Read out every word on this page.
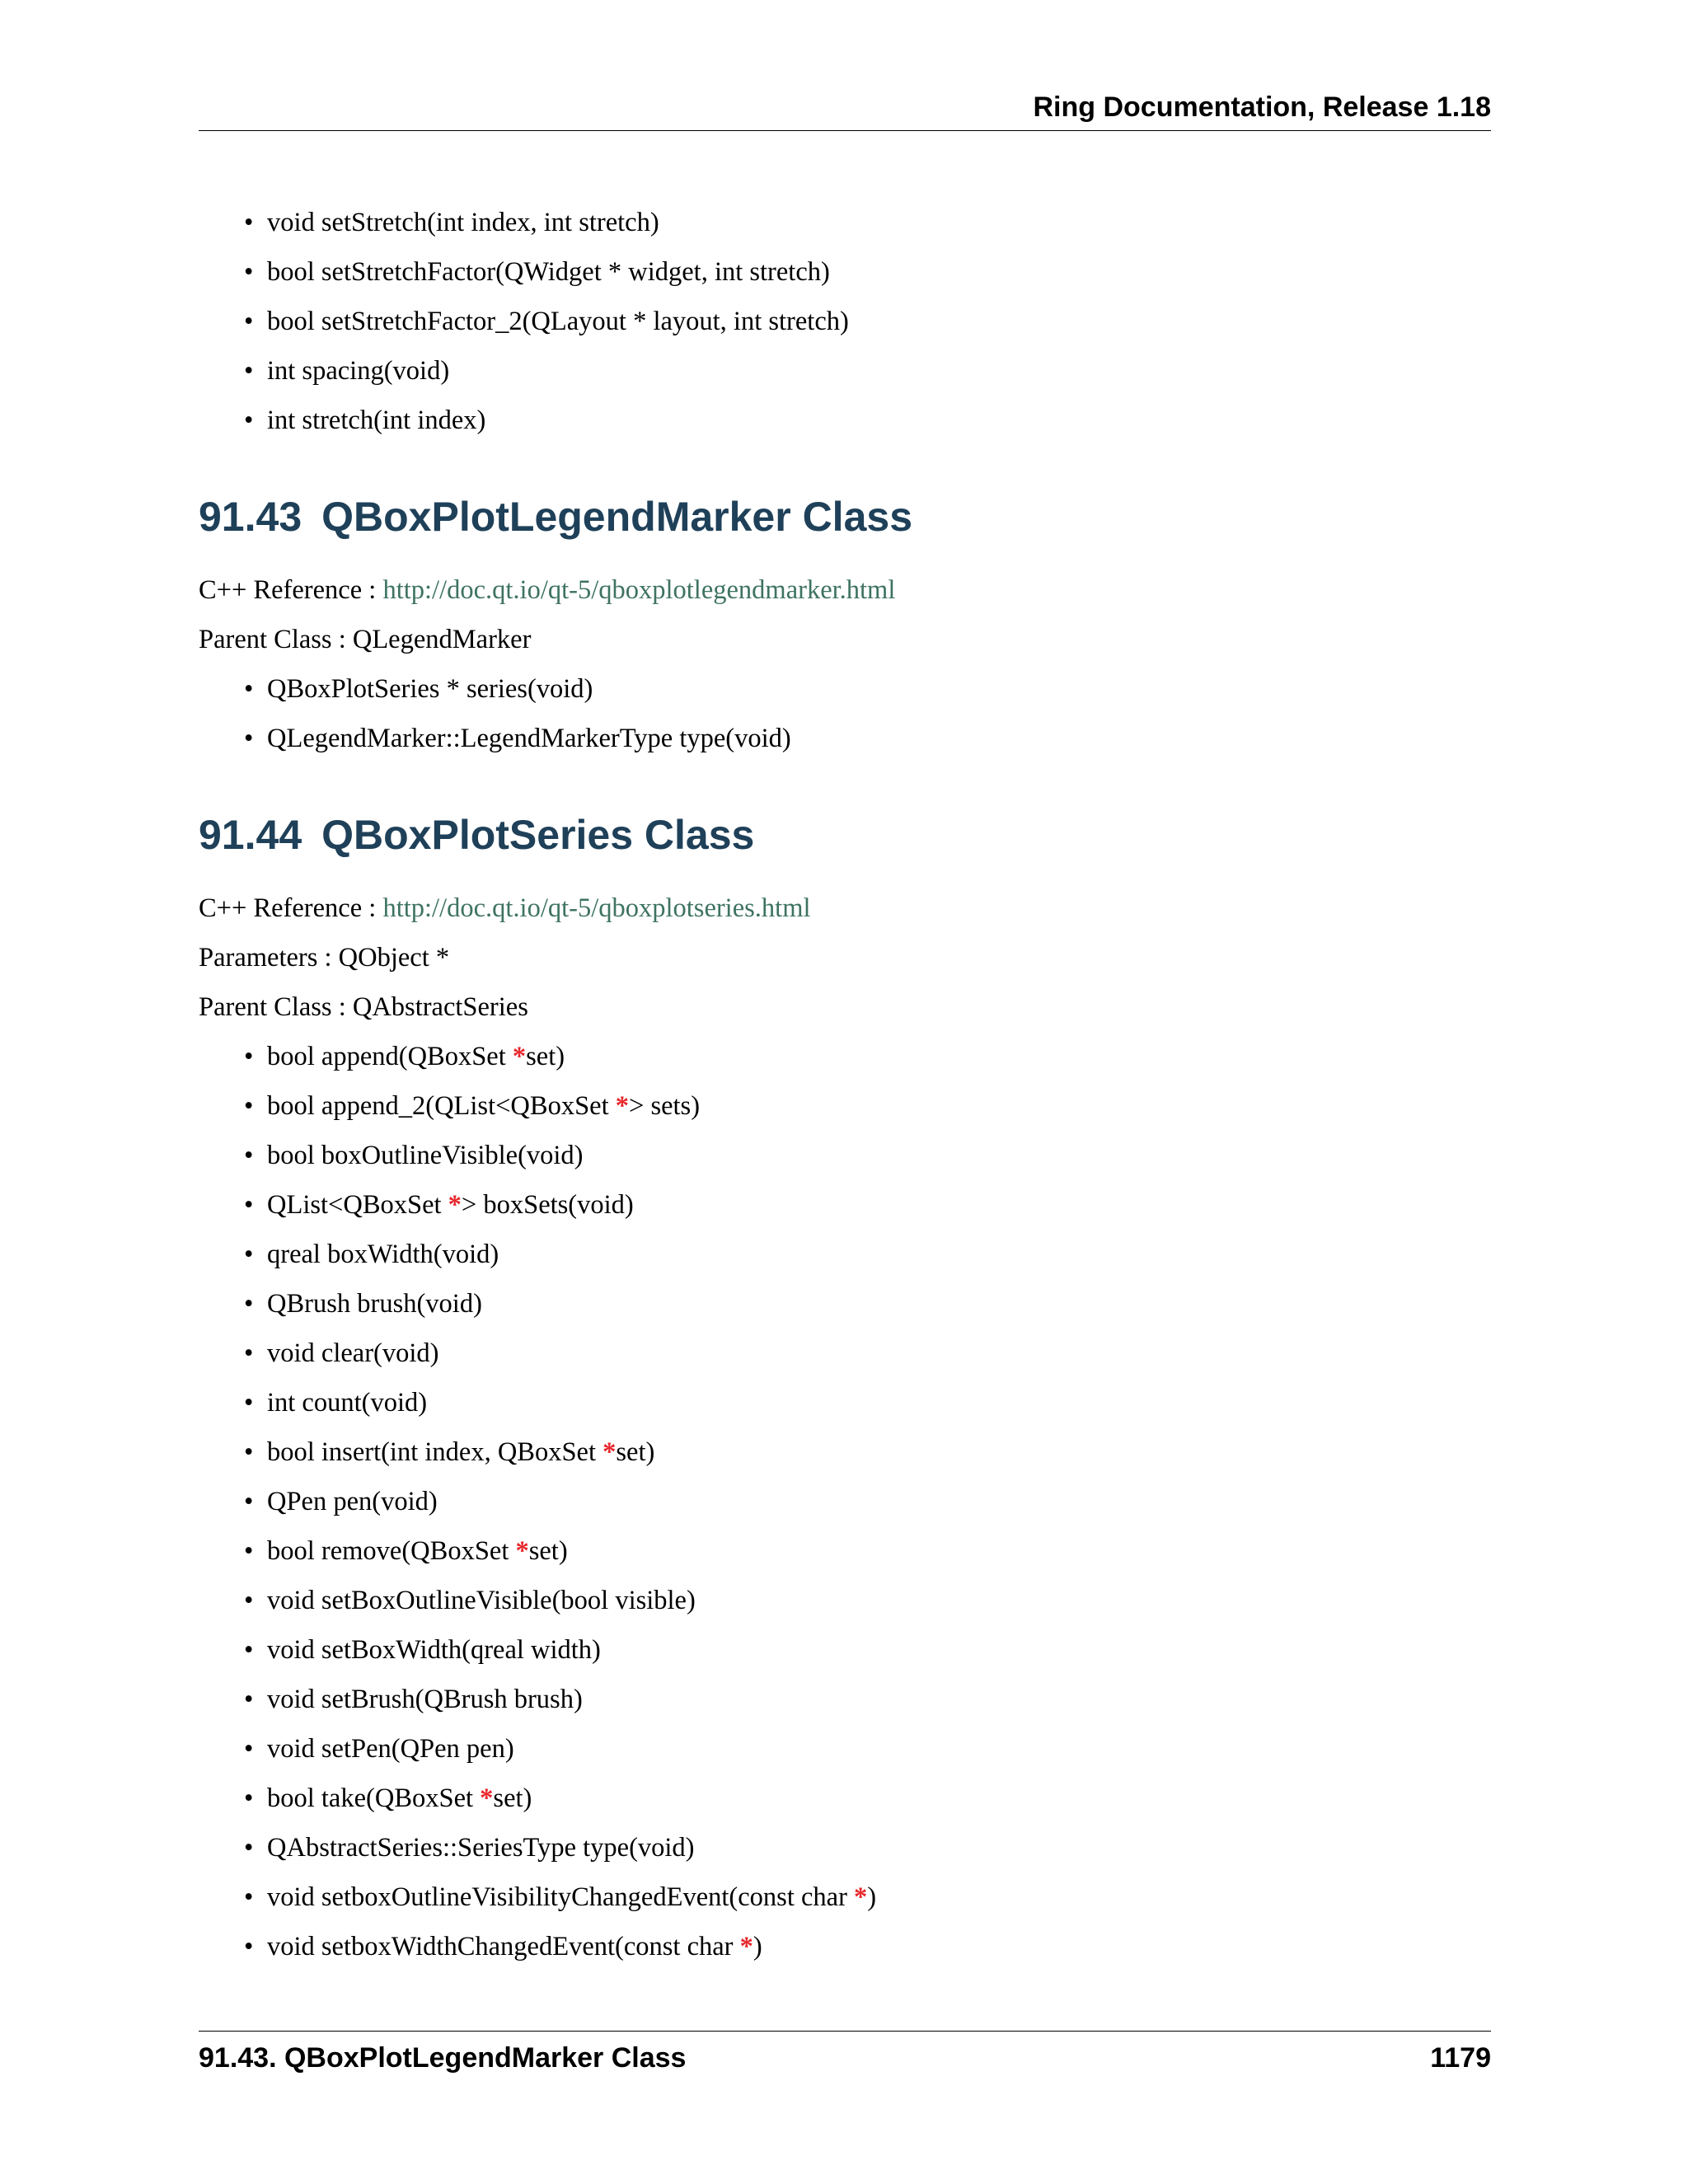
Ring Documentation, Release 1.18
• void setStretch(int index, int stretch)
• bool setStretchFactor(QWidget * widget, int stretch)
• bool setStretchFactor_2(QLayout * layout, int stretch)
• int spacing(void)
• int stretch(int index)
91.43 QBoxPlotLegendMarker Class

C++ Reference : http://doc.qt.io/qt-5/qboxplotlegendmarker.html

Parent Class : QLegendMarker

• QBoxPlotSeries * series(void)
• QLegendMarker::LegendMarkerType type(void)
91.44 QBoxPlotSeries Class

C++ Reference : http://doc.qt.io/qt-5/qboxplotseries.html

Parameters : QObject *

Parent Class : QAbstractSeries

• bool append(QBoxSet *set)
• bool append_2(QList<QBoxSet *> sets)
• bool boxOutlineVisible(void)
• QList<QBoxSet *> boxSets(void)
• qreal boxWidth(void)
• QBrush brush(void)
• void clear(void)
• int count(void)
• bool insert(int index, QBoxSet *set)
• QPen pen(void)
• bool remove(QBoxSet *set)
• void setBoxOutlineVisible(bool visible)
• void setBoxWidth(qreal width)
• void setBrush(QBrush brush)
• void setPen(QPen pen)
• bool take(QBoxSet *set)
• QAbstractSeries::SeriesType type(void)
• void setboxOutlineVisibilityChangedEvent(const char *)
• void setboxWidthChangedEvent(const char *)
91.43. QBoxPlotLegendMarker Class	1179
